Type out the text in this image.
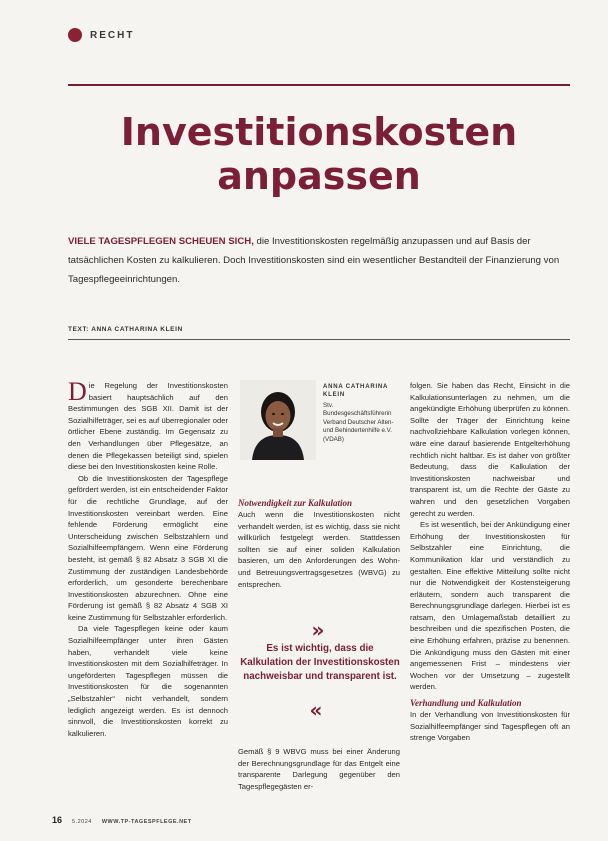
RECHT
Investitionskosten
anpassen
VIELE TAGESPFLEGEN SCHEUEN SICH, die Investitionskosten regelmäßig anzupassen und auf Basis der tatsächlichen Kosten zu kalkulieren. Doch Investitionskosten sind ein wesentlicher Bestandteil der Finanzierung von Tagespflegeeinrichtungen.
TEXT: ANNA CATHARINA KLEIN

Die Regelung der Investitionskosten basiert hauptsächlich auf den Bestimmungen des SGB XII. Damit ist der Sozialhilfeträger, sei es auf überregionaler oder örtlicher Ebene zuständig. Im Gegensatz zu den Verhandlungen über Pflegesätze, an denen die Pflegekassen beteiligt sind, spielen diese bei den Investitionskosten keine Rolle.

Ob die Investitionskosten der Tagespflege gefördert werden, ist ein entscheidender Faktor für die rechtliche Grundlage, auf der Investitionskosten vereinbart werden. Eine fehlende Förderung ermöglicht eine Unterscheidung zwischen Selbstzahlern und Sozialhilfeempfängern. Wenn eine Förderung besteht, ist gemäß § 82 Absatz 3 SGB XI die Zustimmung der zuständigen Landesbehörde erforderlich, um gesonderte berechenbare Investitionskosten abzurechnen. Ohne eine Förderung ist gemäß § 82 Absatz 4 SGB XI keine Zustimmung für Selbstzahler erforderlich.

Da viele Tagespflegen keine oder kaum Sozialhilfeempfänger unter ihren Gästen haben, verhandelt viele keine Investitionskosten mit dem Sozialhilfeträger. In ungeförderten Tagespflegen müssen die Investitionskosten für die sogenannten „Selbstzahler“ nicht verhandelt, sondern lediglich angezeigt werden. Es ist dennoch sinnvoll, die Investitionskosten korrekt zu kalkulieren.

ANNA CATHARINA KLEIN
Stv. Bundesgeschäftsführerin Verband Deutscher Alten- und Behindertenhilfe e.V. (VDAB)

Notwendigkeit zur Kalkulation

Auch wenn die Investitionskosten nicht verhandelt werden, ist es wichtig, dass sie nicht willkürlich festgelegt werden. Stattdessen sollten sie auf einer soliden Kalkulation basieren, um den Anforderungen des Wohn- und Betreuungsvertragsgesetzes (WBVG) zu entsprechen.

»
Es ist wichtig, dass die Kalkulation der Investitionskosten nachweisbar und transparent ist.
«

Gemäß § 9 WBVG muss bei einer Änderung der Berechnungsgrundlage für das Entgelt eine transparente Darlegung gegenüber den Tagespflegegästen er-

folgen. Sie haben das Recht, Einsicht in die Kalkulationsunterlagen zu nehmen, um die angekündigte Erhöhung überprüfen zu können. Sollte der Träger der Einrichtung keine nachvollziehbare Kalkulation vorlegen können, wäre eine darauf basierende Entgelterhöhung rechtlich nicht haltbar. Es ist daher von größter Bedeutung, dass die Kalkulation der Investitionskosten nachweisbar und transparent ist, um die Rechte der Gäste zu wahren und den gesetzlichen Vorgaben gerecht zu werden.

Es ist wesentlich, bei der Ankündigung einer Erhöhung der Investitionskosten für Selbstzahler eine Einrichtung, die Kommunikation klar und verständlich zu gestalten. Eine effektive Mitteilung sollte nicht nur die Notwendigkeit der Kostensteigerung erläutern, sondern auch transparent die Berechnungsgrundlage darlegen. Hierbei ist es ratsam, den Umlagemaßstab detailliert zu beschreiben und die spezifischen Posten, die eine Erhöhung erfahren, präzise zu benennen. Die Ankündigung muss den Gästen mit einer angemessenen Frist – mindestens vier Wochen vor der Umsetzung – zugestellt werden.

Verhandlung und Kalkulation

In der Verhandlung von Investitionskosten für Sozialhilfeempfänger sind Tagespflegen oft an strenge Vorgaben

16 5.2024 WWW.TP-TAGESPFLEGE.NET
